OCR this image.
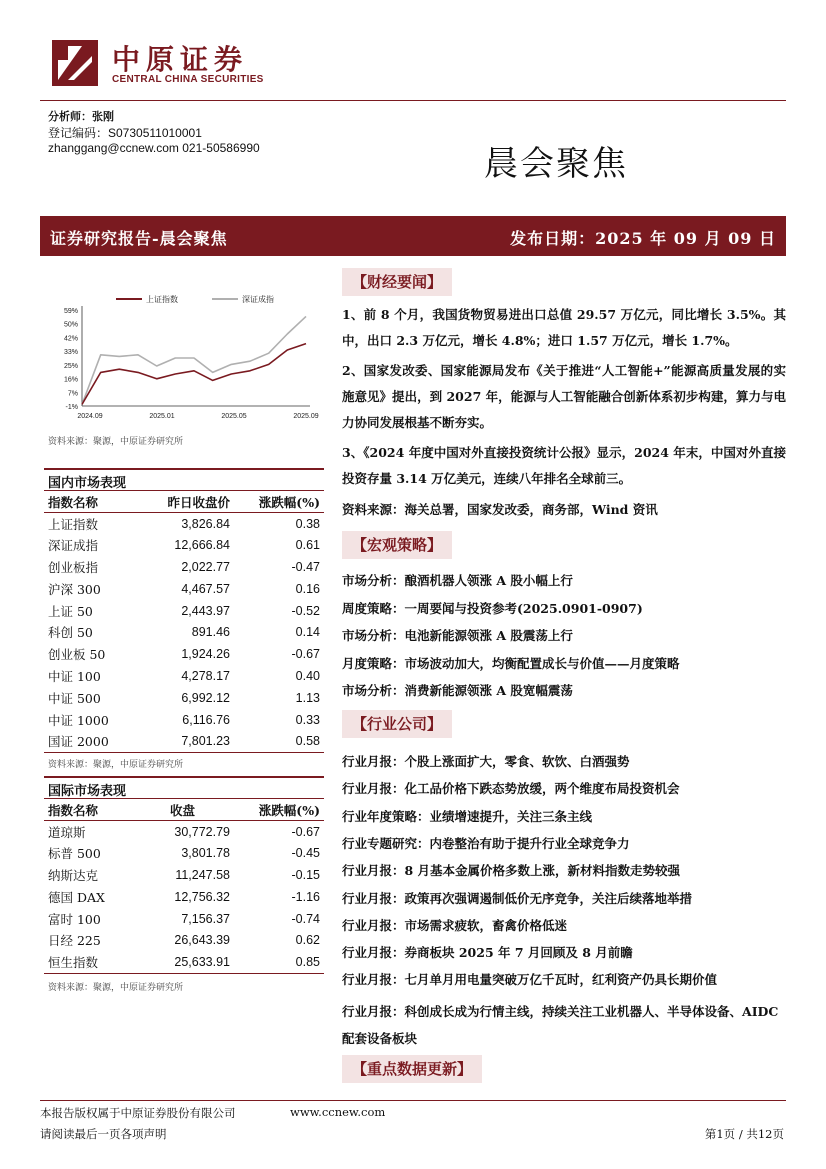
中原证券
CENTRAL CHINA SECURITIES
分析师：张刚
登记编码：S0730511010001
zhanggang@ccnew.com 021-50586990	晨会聚焦
证券研究报告-晨会聚焦	发布日期：2025 年 09 月 09 日
59%
50%
42%
33%
25%
16%
7%
-1%
2024.09	2025.01	2025.05	2025.09
上证指数	深证成指
资料来源：聚源，中原证券研究所
国内市场表现
指数名称	昨日收盘价	涨跌幅(%)
上证指数	3,826.84	0.38
深证成指	12,666.84	0.61
创业板指	2,022.77	-0.47
沪深 300	4,467.57	0.16
上证 50	2,443.97	-0.52
科创 50	891.46	0.14
创业板 50	1,924.26	-0.67
中证 100	4,278.17	0.40
中证 500	6,992.12	1.13
中证 1000	6,116.76	0.33
国证 2000	7,801.23	0.58
资料来源：聚源，中原证券研究所
国际市场表现
指数名称	收盘	涨跌幅(%)
道琼斯	30,772.79	-0.67
标普 500	3,801.78	-0.45
纳斯达克	11,247.58	-0.15
德国 DAX	12,756.32	-1.16
富时 100	7,156.37	-0.74
日经 225	26,643.39	0.62
恒生指数	25,633.91	0.85
资料来源：聚源，中原证券研究所
【财经要闻】
1、前 8 个月，我国货物贸易进出口总值 29.57 万亿元，同比增长 3.5%。其中，出口 2.3 万亿元，增长 4.8%；进口 1.57 万亿元，增长 1.7%。
2、国家发改委、国家能源局发布《关于推进“人工智能+”能源高质量发展的实施意见》提出，到 2027 年，能源与人工智能融合创新体系初步构建，算力与电力协同发展根基不断夯实。
3、《2024 年度中国对外直接投资统计公报》显示，2024 年末，中国对外直接投资存量 3.14 万亿美元，连续八年排名全球前三。
资料来源：海关总署，国家发改委，商务部，Wind 资讯
【宏观策略】
市场分析：酿酒机器人领涨 A 股小幅上行
周度策略：一周要闻与投资参考(2025.0901-0907)
市场分析：电池新能源领涨 A 股震荡上行
月度策略：市场波动加大，均衡配置成长与价值——月度策略
市场分析：消费新能源领涨 A 股宽幅震荡
【行业公司】
行业月报：个股上涨面扩大，零食、软饮、白酒强势
行业月报：化工品价格下跌态势放缓，两个维度布局投资机会
行业年度策略：业绩增速提升，关注三条主线
行业专题研究：内卷整治有助于提升行业全球竞争力
行业月报：8 月基本金属价格多数上涨，新材料指数走势较强
行业月报：政策再次强调遏制低价无序竞争，关注后续落地举措
行业月报：市场需求疲软，畜禽价格低迷
行业月报：券商板块 2025 年 7 月回顾及 8 月前瞻
行业月报：七月单月用电量突破万亿千瓦时，红利资产仍具长期价值
行业月报：科创成长成为行情主线，持续关注工业机器人、半导体设备、AIDC 配套设备板块
【重点数据更新】
本报告版权属于中原证券股份有限公司	www.ccnew.com
请阅读最后一页各项声明	第1页 / 共12页
